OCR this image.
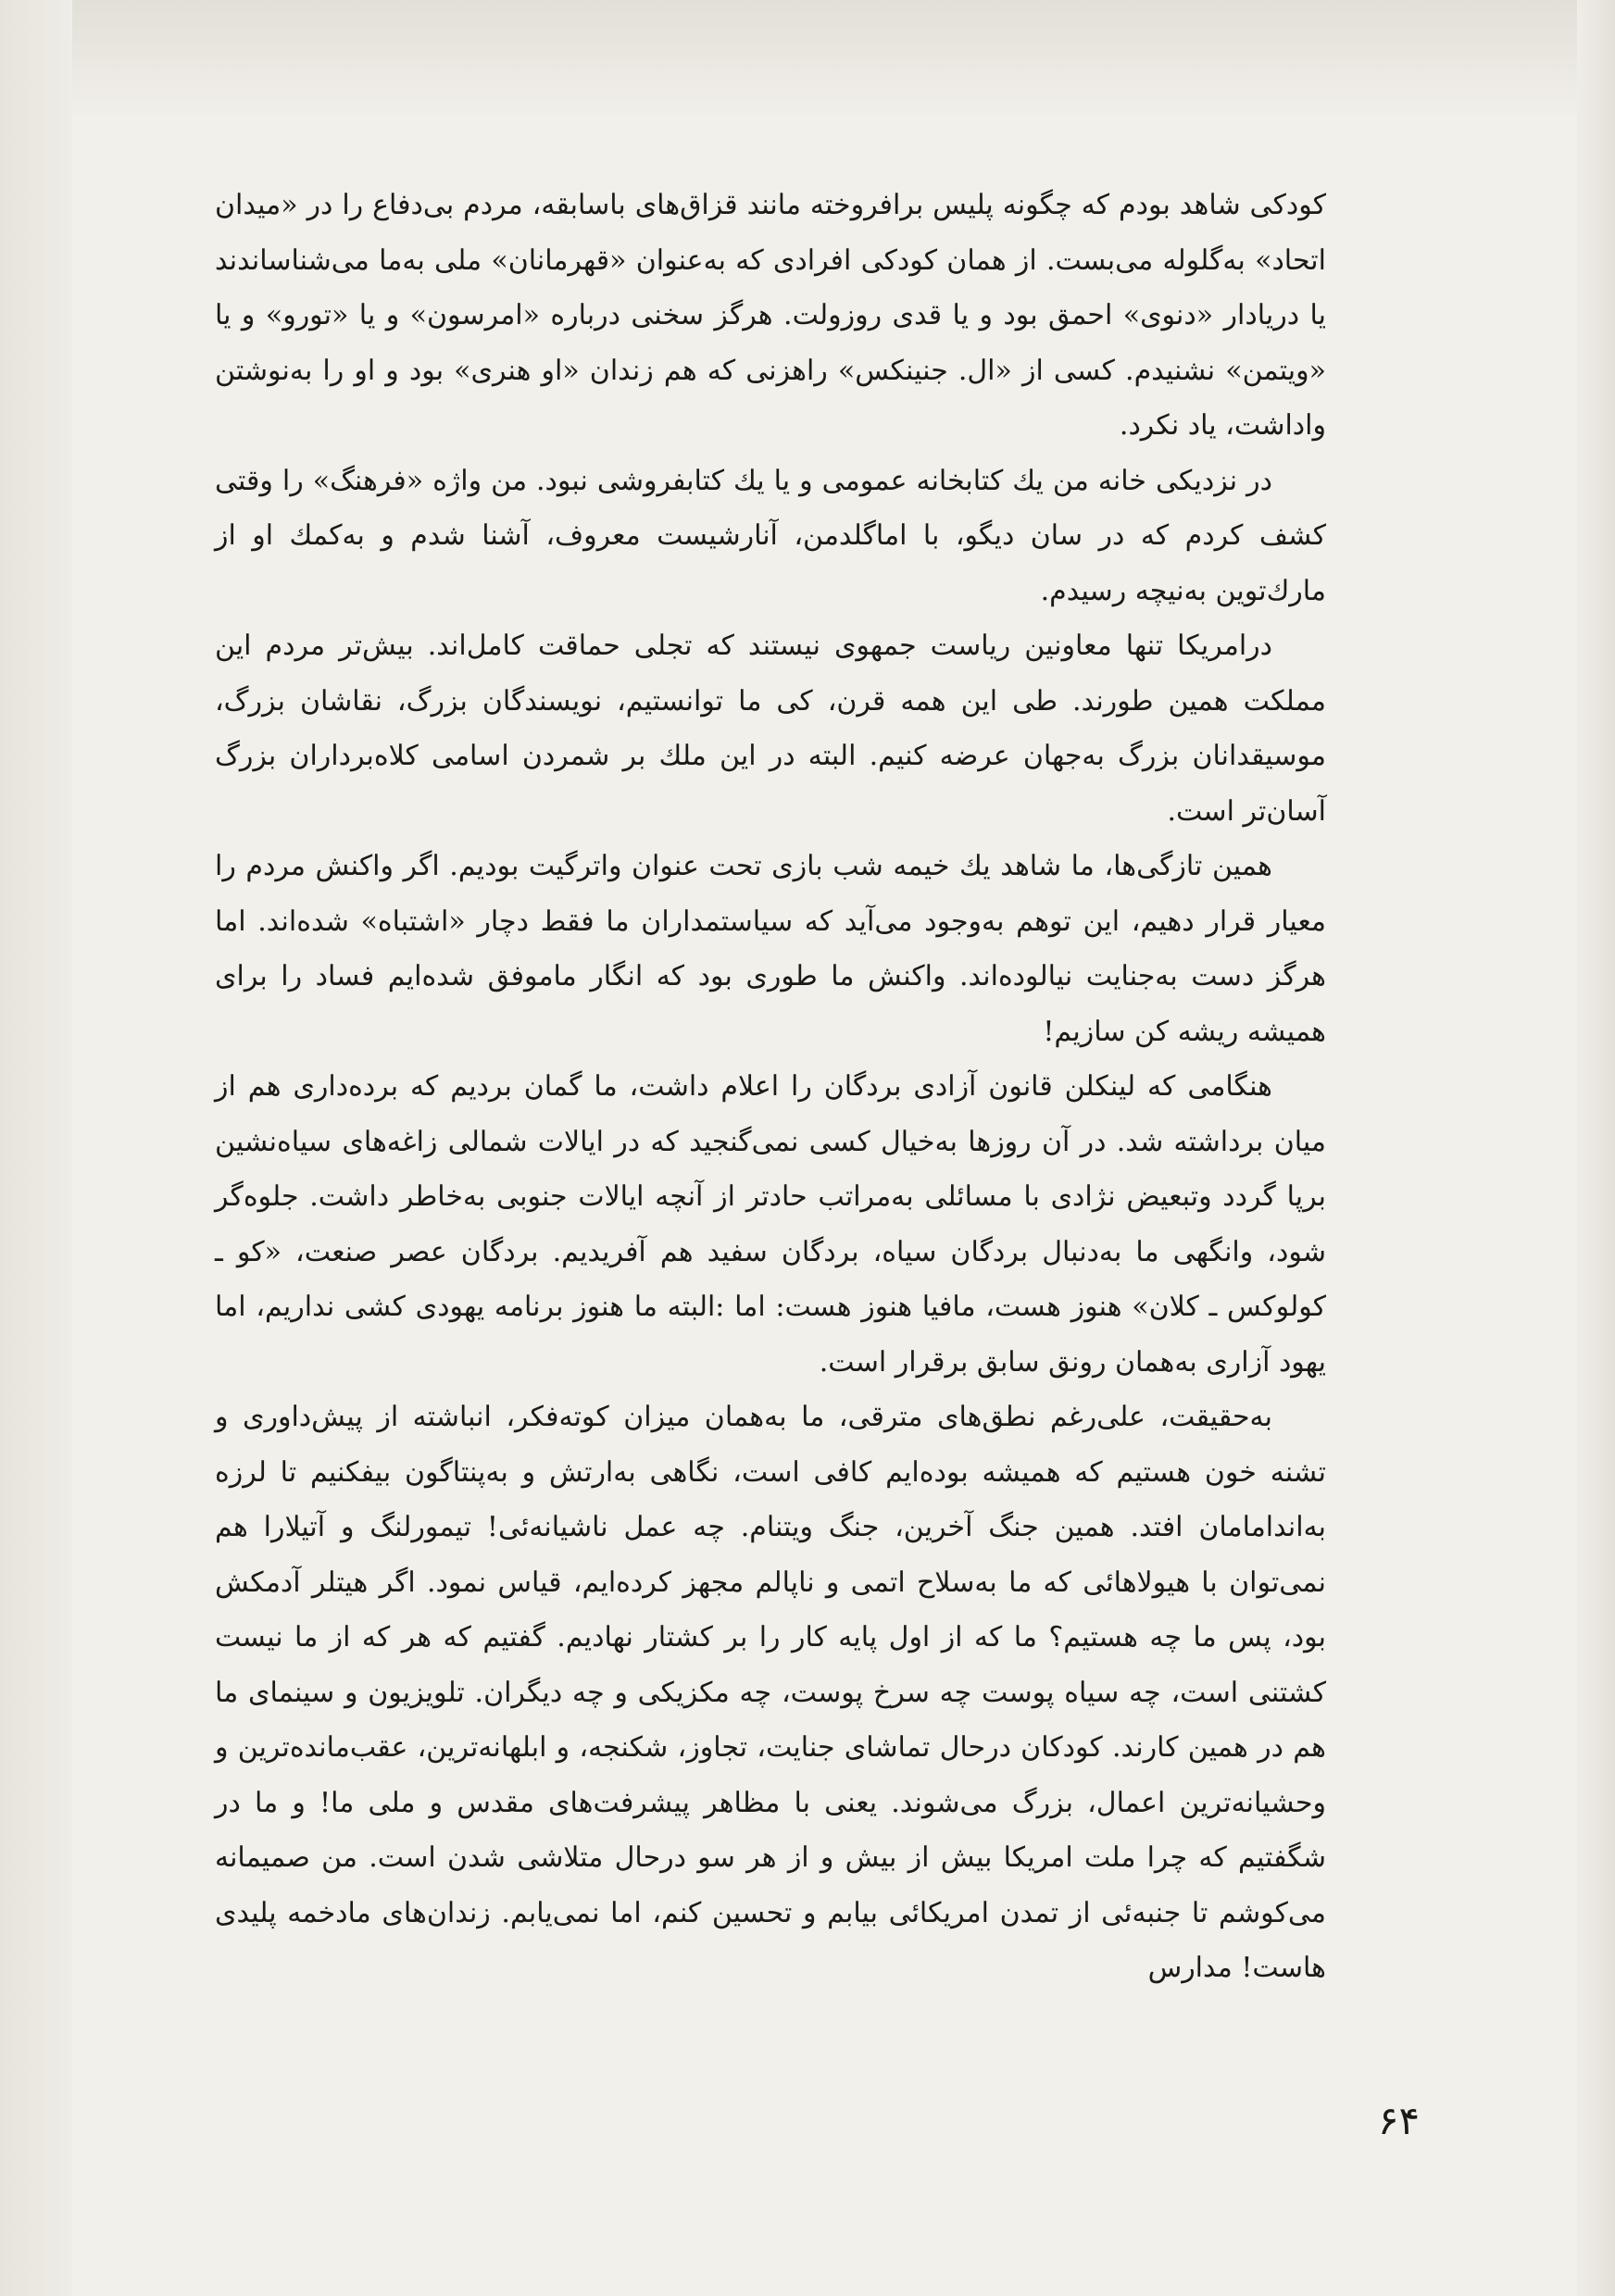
کودکی شاهد بودم که چگونه پلیس برافروخته مانند قزاق‌های باسابقه، مردم بی‌دفاع را در «میدان اتحاد» به‌گلوله می‌بست. از همان کودکی افرادی که به‌عنوان «قهرمانان» ملی به‌ما می‌شناساندند یا دریادار «دنوی» احمق بود و یا قدی روزولت. هرگز سخنی درباره «امرسون» و یا «تورو» و یا «ویتمن» نشنیدم. کسی از «ال. جنینکس» راهزنی که هم زندان «او هنری» بود و او را به‌نوشتن واداشت، یاد نکرد.

در نزدیکی خانه من یك کتابخانه عمومی و یا یك کتابفروشی نبود. من واژه «فرهنگ» را وقتی کشف کردم که در سان دیگو، با اماگلدمن، آنارشیست معروف، آشنا شدم و به‌کمك او از مارك‌توین به‌نیچه رسیدم.

درامریکا تنها معاونین ریاست جمهوی نیستند که تجلی حماقت کامل‌اند. بیش‌تر مردم این مملکت همین طورند. طی این همه قرن، کی ما توانستیم، نویسندگان بزرگ، نقاشان بزرگ، موسیقدانان بزرگ به‌جهان عرضه کنیم. البته در این ملك بر شمردن اسامی کلاه‌برداران بزرگ آسان‌تر است.

همین تازگی‌ها، ما شاهد یك خیمه شب بازی تحت عنوان واترگیت بودیم. اگر واکنش مردم را معیار قرار دهیم، این توهم به‌وجود می‌آید که سیاستمداران ما فقط دچار «اشتباه» شده‌اند. اما هرگز دست به‌جنایت نیالوده‌اند. واکنش ما طوری بود که انگار ماموفق شده‌ایم فساد را برای همیشه ریشه کن سازیم!

هنگامی که لینکلن قانون آزادی بردگان را اعلام داشت، ما گمان بردیم که برده‌داری هم از میان برداشته شد. در آن روزها به‌خیال کسی نمی‌گنجید که در ایالات شمالی زاغه‌های سیاه‌نشین برپا گردد وتبعیض نژادی با مسائلی به‌مراتب حادتر از آنچه ایالات جنوبی به‌خاطر داشت. جلوه‌گر شود، وانگهی ما به‌دنبال بردگان سیاه، بردگان سفید هم آفریدیم. بردگان عصر صنعت، «کو ـ کولوکس ـ کلان» هنوز هست، مافیا هنوز هست: اما :البته ما هنوز برنامه یهودی کشی نداریم، اما یهود آزاری به‌همان رونق سابق برقرار است.

به‌حقیقت، علی‌رغم نطق‌های مترقی، ما به‌همان میزان کوته‌فکر، انباشته از پیش‌داوری و تشنه خون هستیم که همیشه بوده‌ایم کافی است، نگاهی به‌ارتش و به‌پنتاگون بیفکنیم تا لرزه به‌اندامامان افتد. همین جنگ آخرین، جنگ ویتنام. چه عمل ناشیانه‌ئی! تیمورلنگ و آتیلارا هم نمی‌توان با هیولاهائی که ما به‌سلاح اتمی و ناپالم مجهز کرده‌ایم، قیاس نمود. اگر هیتلر آدمکش بود، پس ما چه هستیم؟ ما که از اول پایه کار را بر کشتار نهادیم. گفتیم که هر که از ما نیست کشتنی است، چه سیاه پوست چه سرخ پوست، چه مکزیکی و چه دیگران. تلویزیون و سینمای ما هم در همین کارند. کودکان درحال تماشای جنایت، تجاوز، شکنجه، و ابلهانه‌ترین، عقب‌مانده‌ترین و وحشیانه‌ترین اعمال، بزرگ می‌شوند. یعنی با مظاهر پیشرفت‌های مقدس و ملی ما! و ما در شگفتیم که چرا ملت امریکا بیش از بیش و از هر سو درحال متلاشی شدن است. من صمیمانه می‌کوشم تا جنبه‌ئی از تمدن امریکائی بیابم و تحسین کنم، اما نمی‌یابم. زندان‌های مادخمه پلیدی هاست! مدارس

۶۴
